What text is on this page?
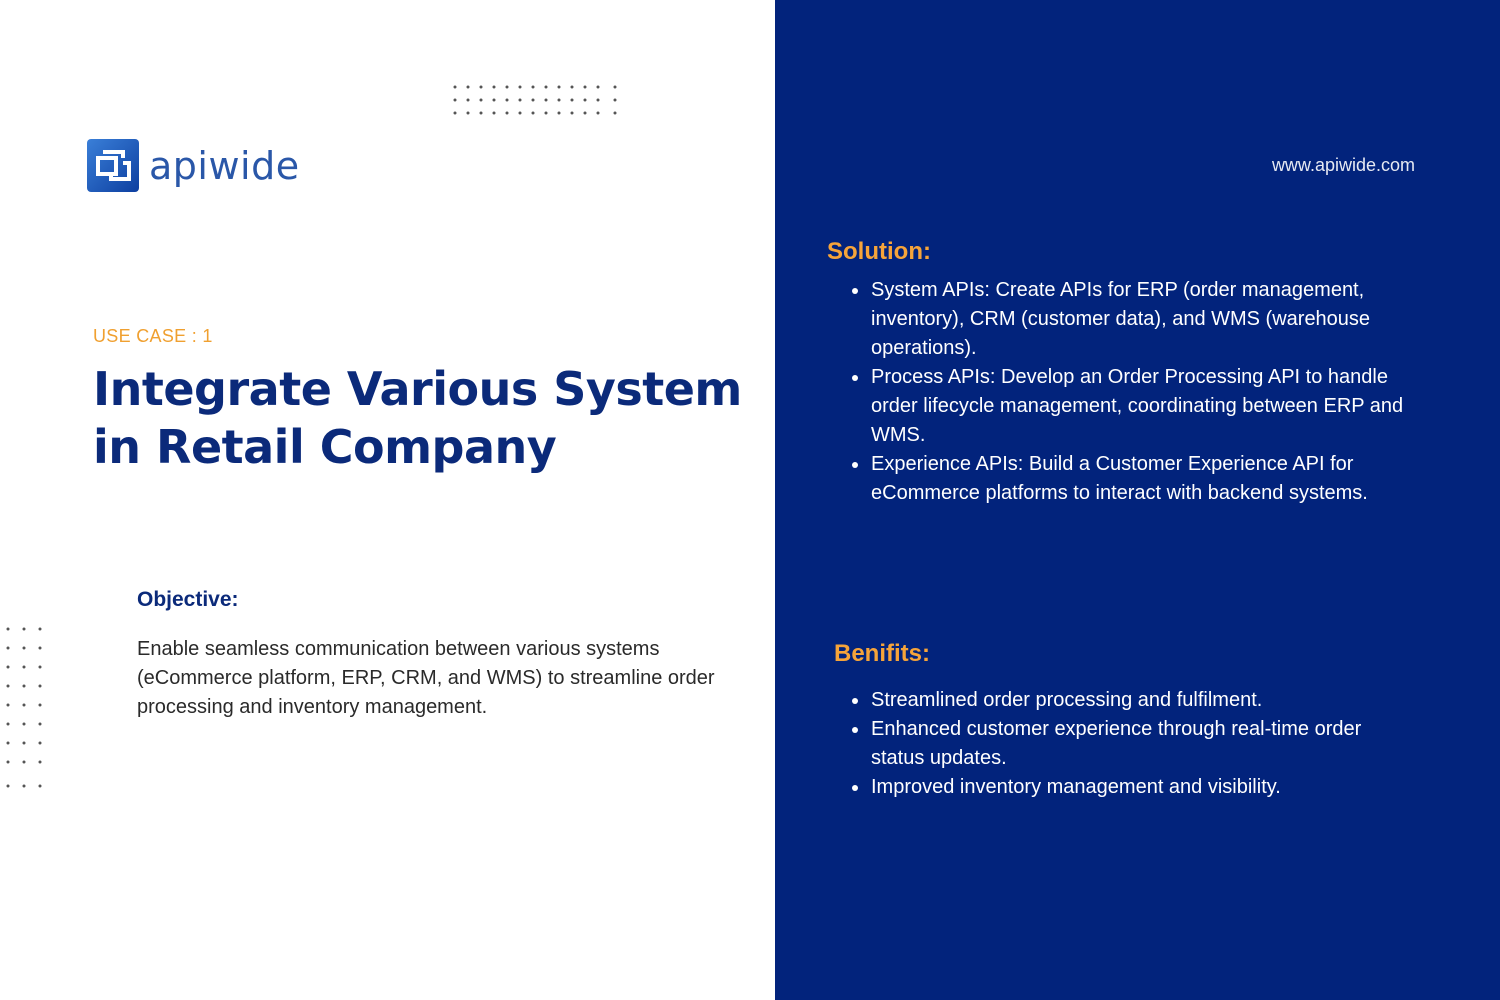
apiwide
USE CASE : 1
Integrate Various System
in Retail Company
Objective:

Enable seamless communication between various systems (eCommerce platform, ERP, CRM, and WMS) to streamline order processing and inventory management.

www.apiwide.com
Solution:
System APIs: Create APIs for ERP (order management, inventory), CRM (customer data), and WMS (warehouse operations).
Process APIs: Develop an Order Processing API to handle order lifecycle management, coordinating between ERP and WMS.
Experience APIs: Build a Customer Experience API for eCommerce platforms to interact with backend systems.
Benifits:
Streamlined order processing and fulfilment.
Enhanced customer experience through real-time order status updates.
Improved inventory management and visibility.
